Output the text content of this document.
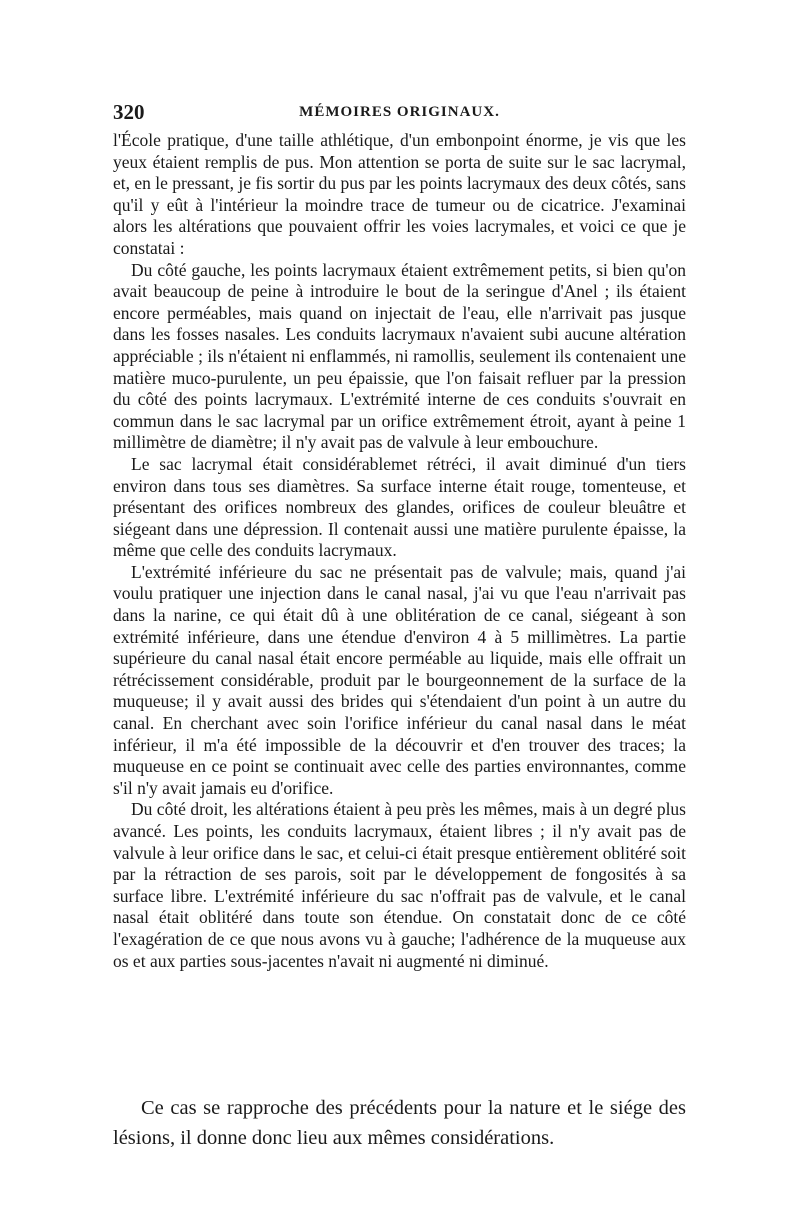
320	MÉMOIRES ORIGINAUX.

l'École pratique, d'une taille athlétique, d'un embonpoint énorme, je vis que les yeux étaient remplis de pus. Mon attention se porta de suite sur le sac lacrymal, et, en le pressant, je fis sortir du pus par les points lacrymaux des deux côtés, sans qu'il y eût à l'intérieur la moindre trace de tumeur ou de cicatrice. J'examinai alors les altérations que pouvaient offrir les voies lacrymales, et voici ce que je constatai :

Du côté gauche, les points lacrymaux étaient extrêmement petits, si bien qu'on avait beaucoup de peine à introduire le bout de la seringue d'Anel ; ils étaient encore perméables, mais quand on injectait de l'eau, elle n'arrivait pas jusque dans les fosses nasales. Les conduits lacrymaux n'avaient subi aucune altération appréciable ; ils n'étaient ni enflammés, ni ramollis, seulement ils contenaient une matière muco-purulente, un peu épaissie, que l'on faisait refluer par la pression du côté des points lacrymaux. L'extrémité interne de ces conduits s'ouvrait en commun dans le sac lacrymal par un orifice extrêmement étroit, ayant à peine 1 millimètre de diamètre; il n'y avait pas de valvule à leur embouchure.

Le sac lacrymal était considérablemet rétréci, il avait diminué d'un tiers environ dans tous ses diamètres. Sa surface interne était rouge, tomenteuse, et présentant des orifices nombreux des glandes, orifices de couleur bleuâtre et siégeant dans une dépression. Il contenait aussi une matière purulente épaisse, la même que celle des conduits lacrymaux.

L'extrémité inférieure du sac ne présentait pas de valvule; mais, quand j'ai voulu pratiquer une injection dans le canal nasal, j'ai vu que l'eau n'arrivait pas dans la narine, ce qui était dû à une oblitération de ce canal, siégeant à son extrémité inférieure, dans une étendue d'environ 4 à 5 millimètres. La partie supérieure du canal nasal était encore perméable au liquide, mais elle offrait un rétrécissement considérable, produit par le bourgeonnement de la surface de la muqueuse; il y avait aussi des brides qui s'étendaient d'un point à un autre du canal. En cherchant avec soin l'orifice inférieur du canal nasal dans le méat inférieur, il m'a été impossible de la découvrir et d'en trouver des traces; la muqueuse en ce point se continuait avec celle des parties environnantes, comme s'il n'y avait jamais eu d'orifice.

Du côté droit, les altérations étaient à peu près les mêmes, mais à un degré plus avancé. Les points, les conduits lacrymaux, étaient libres ; il n'y avait pas de valvule à leur orifice dans le sac, et celui-ci était presque entièrement oblitéré soit par la rétraction de ses parois, soit par le développement de fongosités à sa surface libre. L'extrémité inférieure du sac n'offrait pas de valvule, et le canal nasal était oblitéré dans toute son étendue. On constatait donc de ce côté l'exagération de ce que nous avons vu à gauche; l'adhérence de la muqueuse aux os et aux parties sous-jacentes n'avait ni augmenté ni diminué.

Ce cas se rapproche des précédents pour la nature et le siége des lésions, il donne donc lieu aux mêmes considérations.
